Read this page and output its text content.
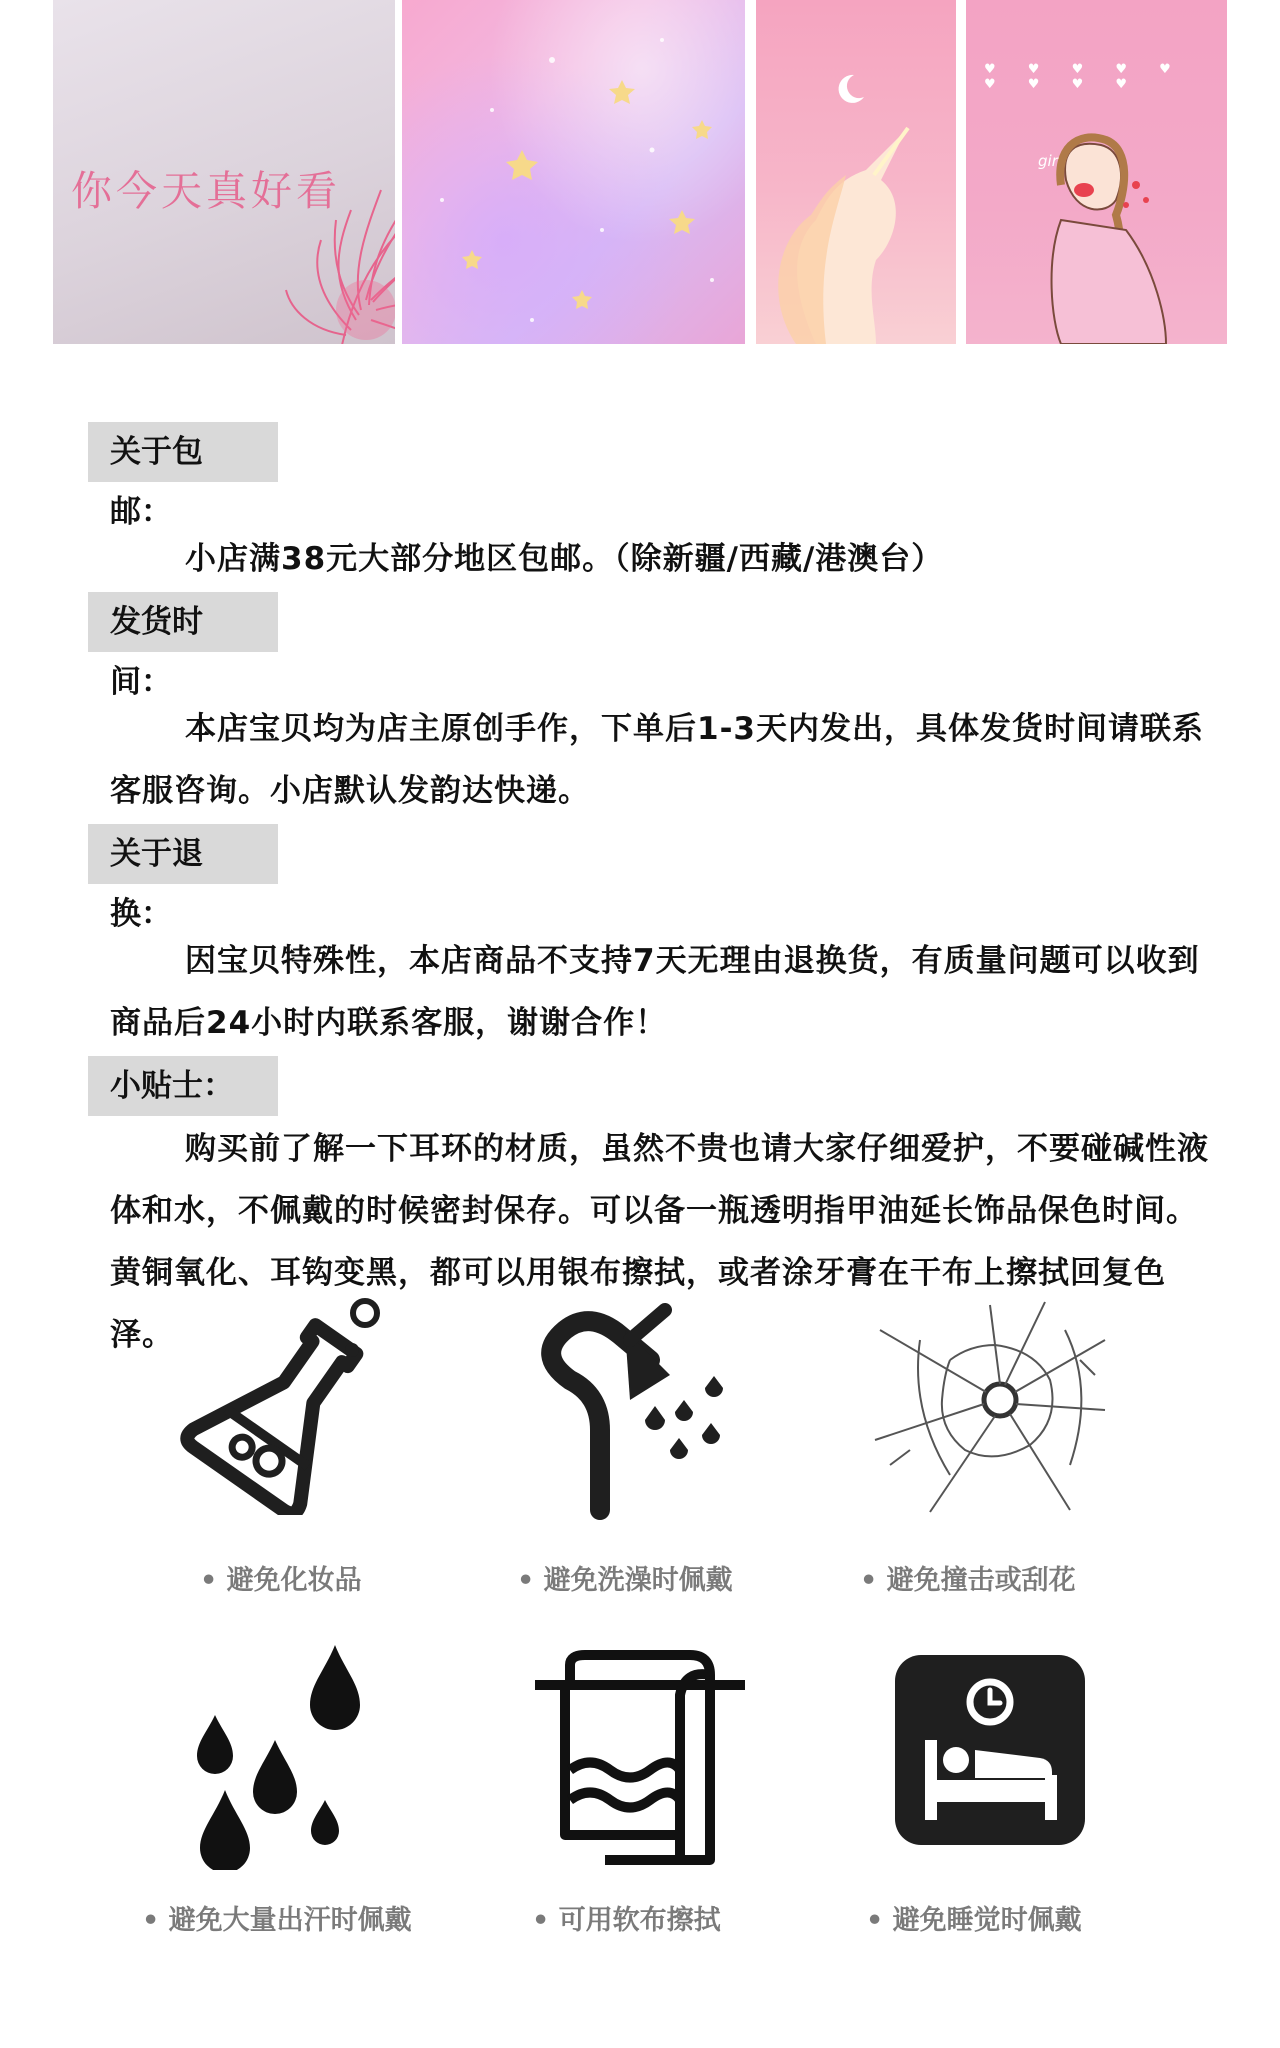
你今天真好看
♥ ♥ ♥ ♥ ♥ ♥ ♥ ♥ ♥
girl
关于包邮：

小店满38元大部分地区包邮。（除新疆/西藏/港澳台）

发货时间：

本店宝贝均为店主原创手作，下单后1-3天内发出，具体发货时间请联系客服咨询。小店默认发韵达快递。

关于退换：

因宝贝特殊性，本店商品不支持7天无理由退换货，有质量问题可以收到商品后24小时内联系客服，谢谢合作！

小贴士：

购买前了解一下耳环的材质，虽然不贵也请大家仔细爱护，不要碰碱性液体和水，不佩戴的时候密封保存。可以备一瓶透明指甲油延长饰品保色时间。黄铜氧化、耳钩变黑，都可以用银布擦拭，或者涂牙膏在干布上擦拭回复色泽。

• 避免化妆品	• 避免洗澡时佩戴	• 避免撞击或刮花
• 避免大量出汗时佩戴	• 可用软布擦拭	• 避免睡觉时佩戴
